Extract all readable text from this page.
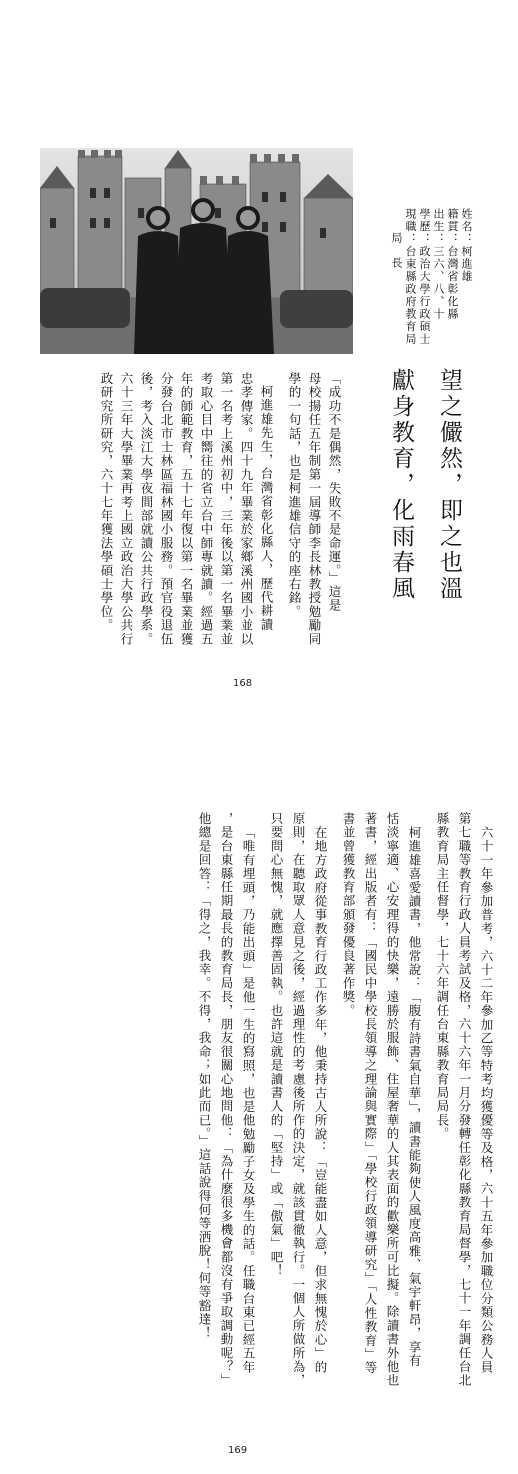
姓名：柯進雄
籍貫：台灣省彰化縣
出生：三六、八、十
學歷：政治大學行政碩士
現職：台東縣政府教育局
局　長
望之儼然，即之也溫
獻身教育，化雨春風
「成功不是偶然，失敗不是命運。」這是
母校揚任五年制第一屆導師李長林教授勉勵同
學的一句話，也是柯進雄信守的座右銘。
柯進雄先生，台灣省彰化縣人，歷代耕讀
忠孝傳家。四十九年畢業於家鄉溪州國小並以
第一名考上溪州初中，三年後以第一名畢業並
考取心目中嚮往的省立台中師專就讀。經過五
年的師範教育，五十七年復以第一名畢業並獲
分發台北市士林區福林國小服務。預官役退伍
後，考入淡江大學夜間部就讀公共行政學系。
六十三年大學畢業再考上國立政治大學公共行
政研究所研究，六十七年獲法學碩士學位。
168
六十一年參加普考，六十二年參加乙等特考均獲優等及格，六十五年參加職位分類公務人員
第七職等教育行政人員考試及格，六十六年一月分發轉任彰化縣教育局督學，七十一年調任台北
縣教育局主任督學，七十六年調任台東縣教育局局長。
柯進雄喜愛讀書，他常說：「腹有詩書氣自華」，讀書能夠使人風度高雅、氣宇軒昂，享有
恬淡寧適、心安理得的快樂，遠勝於服飾、住屋奢華的人其表面的歡樂所可比擬。除讀書外他也
著書，經出版者有：「國民中學校長領導之理論與實際」「學校行政領導研究」「人性教育」等
書並曾獲教育部頒發優良著作獎。
在地方政府從事教育行政工作多年，他秉持古人所說：「豈能盡如人意，但求無愧於心」的
原則，在聽取眾人意見之後，經過理性的考慮後所作的決定，就該貫徹執行。一個人所做所為，
只要問心無愧，就應擇善固執。也許這就是讀書人的「堅持」或「傲氣」吧！
「唯有埋頭，乃能出頭」是他一生的寫照，也是他勉勵子女及學生的話。任職台東已經五年
，是台東縣任期最長的教育局長，朋友很關心地問他：「為什麼很多機會都沒有爭取調動呢？」
他總是回答：「得之，我幸。不得，我命；如此而已。」這話說得何等洒脫！何等豁達！
169
